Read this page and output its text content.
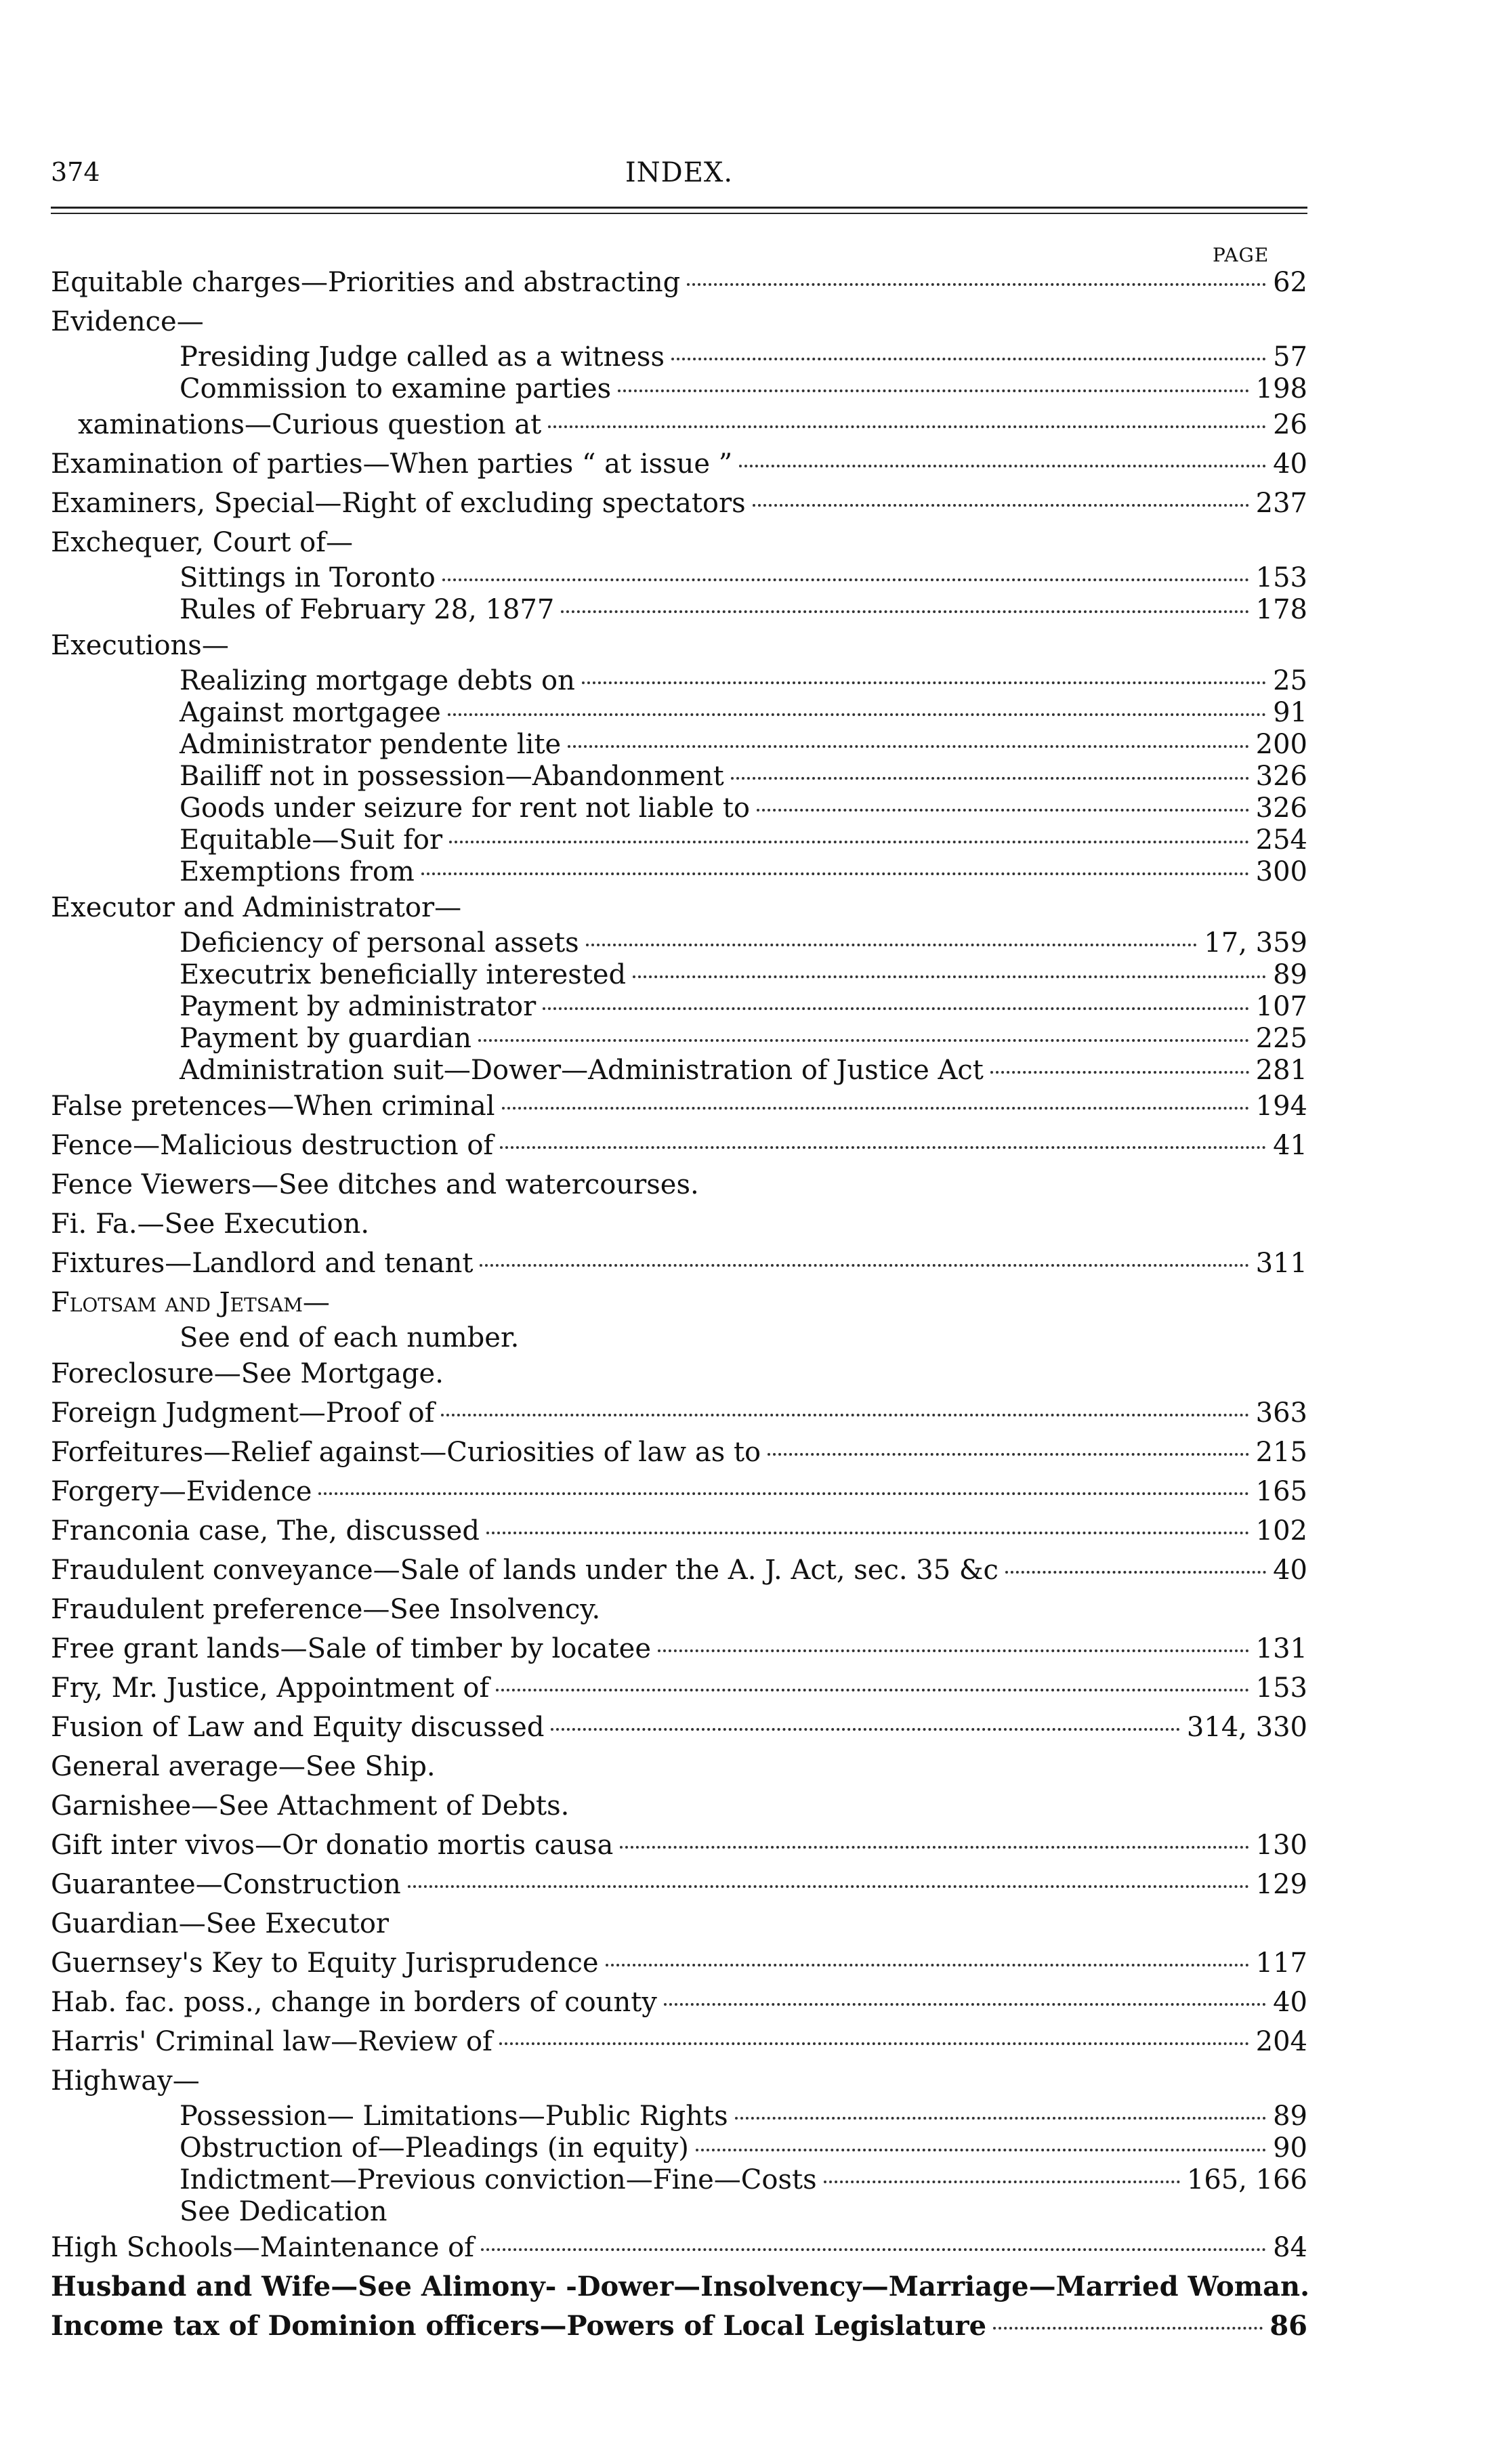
374	INDEX.
PAGE
Equitable charges—Priorities and abstracting	62
Evidence—
Presiding Judge called as a witness	57
Commission to examine parties	198
xaminations—Curious question at	26
Examination of parties—When parties “ at issue ”	40
Examiners, Special—Right of excluding spectators	237
Exchequer, Court of—
Sittings in Toronto	153
Rules of February 28, 1877	178
Executions—
Realizing mortgage debts on	25
Against mortgagee	91
Administrator pendente lite	200
Bailiff not in possession—Abandonment	326
Goods under seizure for rent not liable to	326
Equitable—Suit for	254
Exemptions from	300
Executor and Administrator—
Deficiency of personal assets	17, 359
Executrix beneficially interested	89
Payment by administrator	107
Payment by guardian	225
Administration suit—Dower—Administration of Justice Act	281
False pretences—When criminal	194
Fence—Malicious destruction of	41
Fence Viewers—See ditches and watercourses.
Fi. Fa.—See Execution.
Fixtures—Landlord and tenant	311
Flotsam and Jetsam—
See end of each number.
Foreclosure—See Mortgage.
Foreign Judgment—Proof of	363
Forfeitures—Relief against—Curiosities of law as to	215
Forgery—Evidence	165
Franconia case, The, discussed	102
Fraudulent conveyance—Sale of lands under the A. J. Act, sec. 35 &c	40
Fraudulent preference—See Insolvency.
Free grant lands—Sale of timber by locatee	131
Fry, Mr. Justice, Appointment of	153
Fusion of Law and Equity discussed	314, 330
General average—See Ship.
Garnishee—See Attachment of Debts.
Gift inter vivos—Or donatio mortis causa	130
Guarantee—Construction	129
Guardian—See Executor
Guernsey's Key to Equity Jurisprudence	117
Hab. fac. poss., change in borders of county	40
Harris' Criminal law—Review of	204
Highway—
Possession— Limitations—Public Rights	89
Obstruction of—Pleadings (in equity)	90
Indictment—Previous conviction—Fine—Costs	165, 166
See Dedication
High Schools—Maintenance of	84
Husband and Wife—See Alimony- -Dower—Insolvency—Marriage—Married Woman.
Income tax of Dominion officers—Powers of Local Legislature	86
